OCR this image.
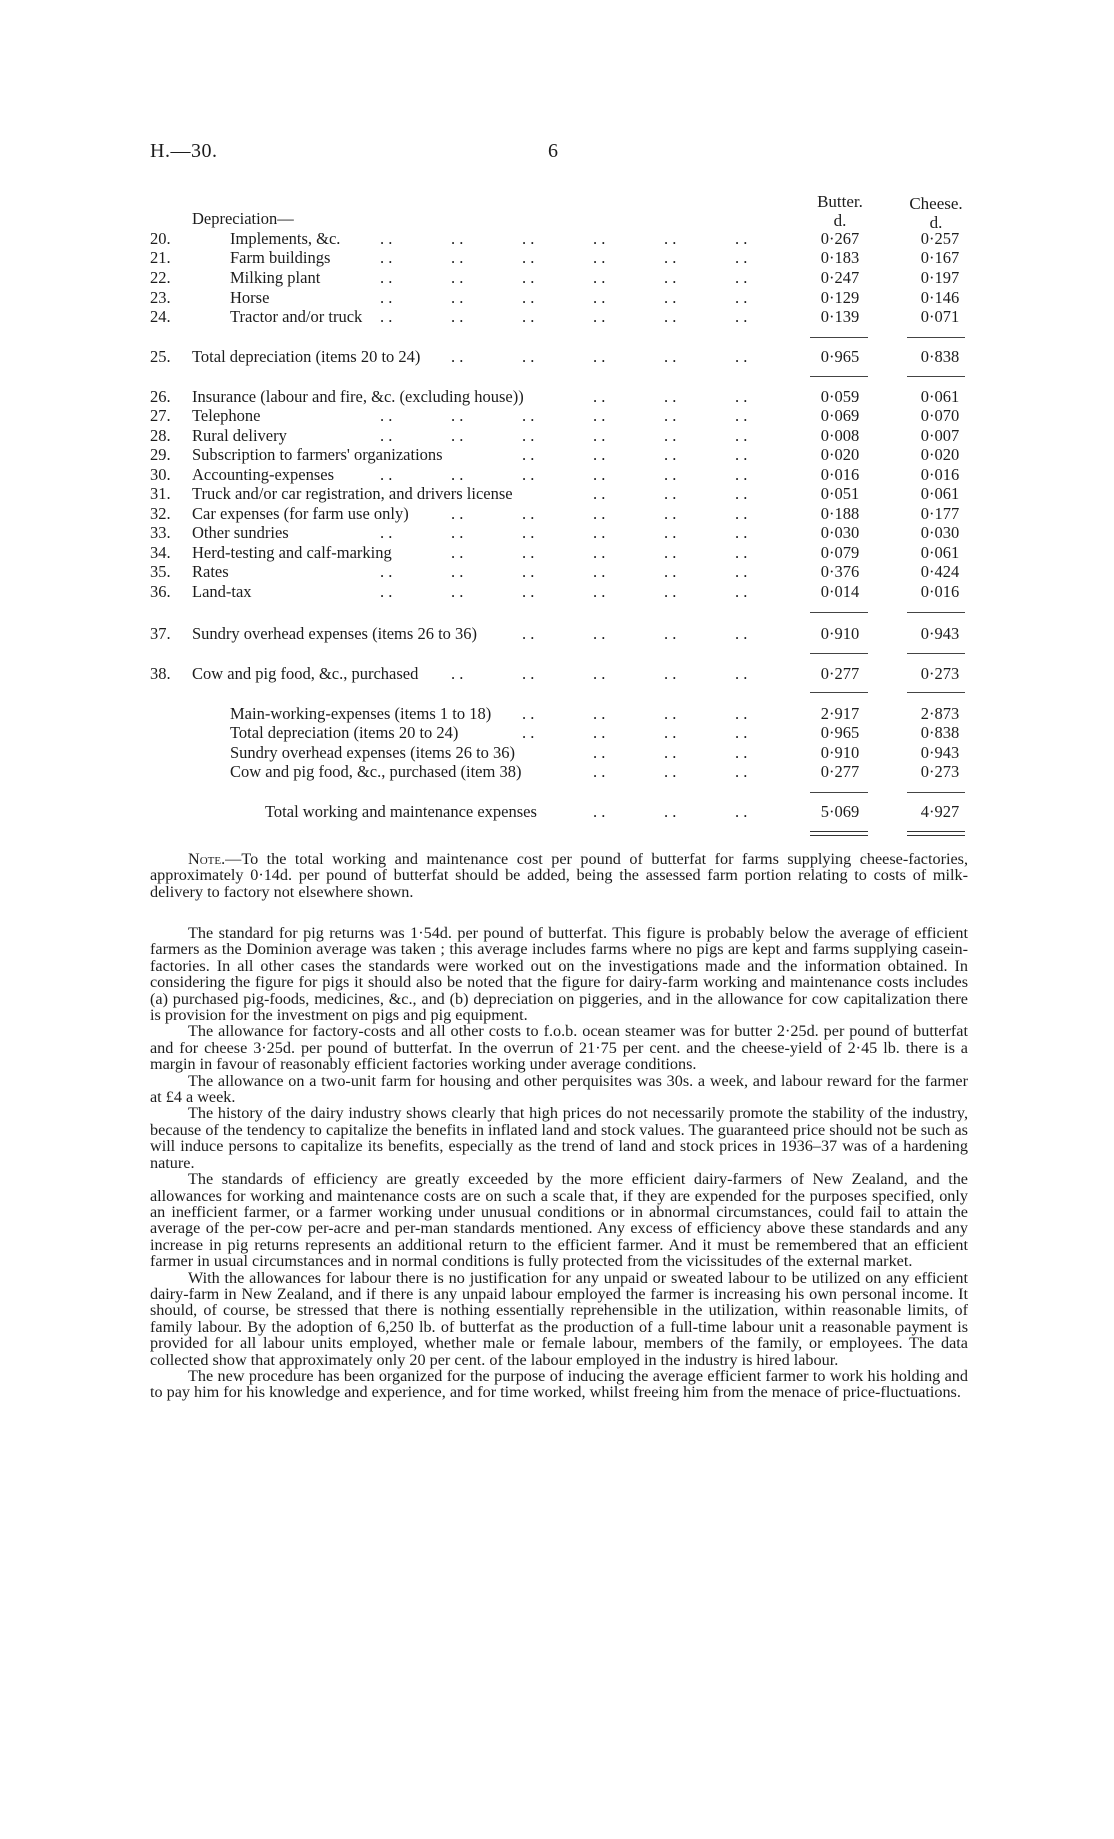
H.—30.	6
Butter.
d.
Cheese.
d.
Depreciation—
. .	. .	. .	. .	. .	. .
20.	Implements, &c.	0·267	0·257
. .	. .	. .	. .	. .	. .
21.	Farm buildings	0·183	0·167
. .	. .	. .	. .	. .	. .
22.	Milking plant	0·247	0·197
. .	. .	. .	. .	. .	. .
23.	Horse	0·129	0·146
. .	. .	. .	. .	. .	. .
24.	Tractor and/or truck	0·139	0·071
. .	. .	. .	. .	. .
25.	Total depreciation (items 20 to 24)	0·965	0·838
. .	. .	. .
26.	Insurance (labour and fire, &c. (excluding house))	0·059	0·061
. .	. .	. .	. .	. .	. .
27.	Telephone	0·069	0·070
. .	. .	. .	. .	. .	. .
28.	Rural delivery	0·008	0·007
. .	. .	. .	. .
29.	Subscription to farmers' organizations	0·020	0·020
. .	. .	. .	. .	. .	. .
30.	Accounting-expenses	0·016	0·016
. .	. .	. .
31.	Truck and/or car registration, and drivers license	0·051	0·061
. .	. .	. .	. .	. .
32.	Car expenses (for farm use only)	0·188	0·177
. .	. .	. .	. .	. .	. .
33.	Other sundries	0·030	0·030
. .	. .	. .	. .	. .
34.	Herd-testing and calf-marking	0·079	0·061
. .	. .	. .	. .	. .	. .
35.	Rates	0·376	0·424
. .	. .	. .	. .	. .	. .
36.	Land-tax	0·014	0·016
. .	. .	. .	. .
37.	Sundry overhead expenses (items 26 to 36)	0·910	0·943
. .	. .	. .	. .	. .
38.	Cow and pig food, &c., purchased	0·277	0·273
. .	. .	. .	. .
Main-working-expenses (items 1 to 18)	2·917	2·873
. .	. .	. .	. .
Total depreciation (items 20 to 24)	0·965	0·838
. .	. .	. .
Sundry overhead expenses (items 26 to 36)	0·910	0·943
. .	. .	. .
Cow and pig food, &c., purchased (item 38)	0·277	0·273
. .	. .	. .
Total working and maintenance expenses	5·069	4·927

Note.—To the total working and maintenance cost per pound of butterfat for farms supplying cheese-factories, approximately 0·14d. per pound of butterfat should be added, being the assessed farm portion relating to costs of milk-delivery to factory not elsewhere shown.

The standard for pig returns was 1·54d. per pound of butterfat. This figure is probably below the average of efficient farmers as the Dominion average was taken ; this average includes farms where no pigs are kept and farms supplying casein-factories. In all other cases the standards were worked out on the investigations made and the information obtained. In considering the figure for pigs it should also be noted that the figure for dairy-farm working and maintenance costs includes (a) purchased pig-foods, medicines, &c., and (b) depreciation on piggeries, and in the allowance for cow capitalization there is provision for the investment on pigs and pig equipment.

The allowance for factory-costs and all other costs to f.o.b. ocean steamer was for butter 2·25d. per pound of butterfat and for cheese 3·25d. per pound of butterfat. In the overrun of 21·75 per cent. and the cheese-yield of 2·45 lb. there is a margin in favour of reasonably efficient factories working under average conditions.

The allowance on a two-unit farm for housing and other perquisites was 30s. a week, and labour reward for the farmer at £4 a week.

The history of the dairy industry shows clearly that high prices do not necessarily promote the stability of the industry, because of the tendency to capitalize the benefits in inflated land and stock values. The guaranteed price should not be such as will induce persons to capitalize its benefits, especially as the trend of land and stock prices in 1936–37 was of a hardening nature.

The standards of efficiency are greatly exceeded by the more efficient dairy-farmers of New Zealand, and the allowances for working and maintenance costs are on such a scale that, if they are expended for the purposes specified, only an inefficient farmer, or a farmer working under unusual conditions or in abnormal circumstances, could fail to attain the average of the per-cow per-acre and per-man standards mentioned. Any excess of efficiency above these standards and any increase in pig returns represents an additional return to the efficient farmer. And it must be remembered that an efficient farmer in usual circumstances and in normal conditions is fully protected from the vicissitudes of the external market.

With the allowances for labour there is no justification for any unpaid or sweated labour to be utilized on any efficient dairy-farm in New Zealand, and if there is any unpaid labour employed the farmer is increasing his own personal income. It should, of course, be stressed that there is nothing essentially reprehensible in the utilization, within reasonable limits, of family labour. By the adoption of 6,250 lb. of butterfat as the production of a full-time labour unit a reasonable payment is provided for all labour units employed, whether male or female labour, members of the family, or employees. The data collected show that approximately only 20 per cent. of the labour employed in the industry is hired labour.

The new procedure has been organized for the purpose of inducing the average efficient farmer to work his holding and to pay him for his knowledge and experience, and for time worked, whilst freeing him from the menace of price-fluctuations.
